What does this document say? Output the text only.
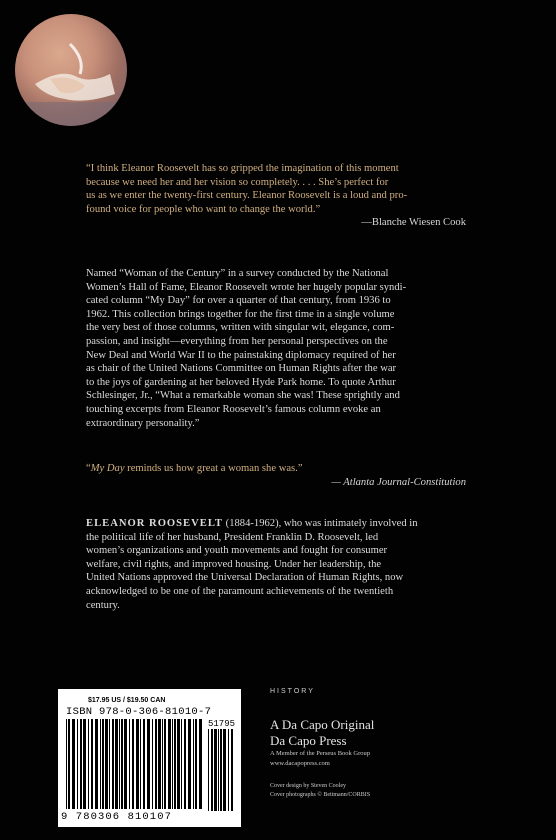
“I think Eleanor Roosevelt has so gripped the imagination of this moment

because we need her and her vision so completely. . . . She’s perfect for

us as we enter the twenty-first century. Eleanor Roosevelt is a loud and pro-

found voice for people who want to change the world.”

—Blanche Wiesen Cook

Named “Woman of the Century” in a survey conducted by the National

Women’s Hall of Fame, Eleanor Roosevelt wrote her hugely popular syndi-

cated column “My Day” for over a quarter of that century, from 1936 to

1962. This collection brings together for the first time in a single volume

the very best of those columns, written with singular wit, elegance, com-

passion, and insight—everything from her personal perspectives on the

New Deal and World War II to the painstaking diplomacy required of her

as chair of the United Nations Committee on Human Rights after the war

to the joys of gardening at her beloved Hyde Park home. To quote Arthur

Schlesinger, Jr., “What a remarkable woman she was! These sprightly and

touching excerpts from Eleanor Roosevelt’s famous column evoke an

extraordinary personality.”

“My Day reminds us how great a woman she was.”

— Atlanta Journal-Constitution

ELEANOR ROOSEVELT (1884-1962), who was intimately involved in

the political life of her husband, President Franklin D. Roosevelt, led

women’s organizations and youth movements and fought for consumer

welfare, civil rights, and improved housing. Under her leadership, the

United Nations approved the Universal Declaration of Human Rights, now

acknowledged to be one of the paramount achievements of the twentieth

century.

$17.95 US / $19.50 CAN
ISBN 978-0-306-81010-7
51795
9 780306 810107
HISTORY
A Da Capo Original
Da Capo Press
A Member of the Perseus Book Group
www.dacapopress.com
Cover design by Steven Cooley
Cover photographs © Bettmann/CORBIS
